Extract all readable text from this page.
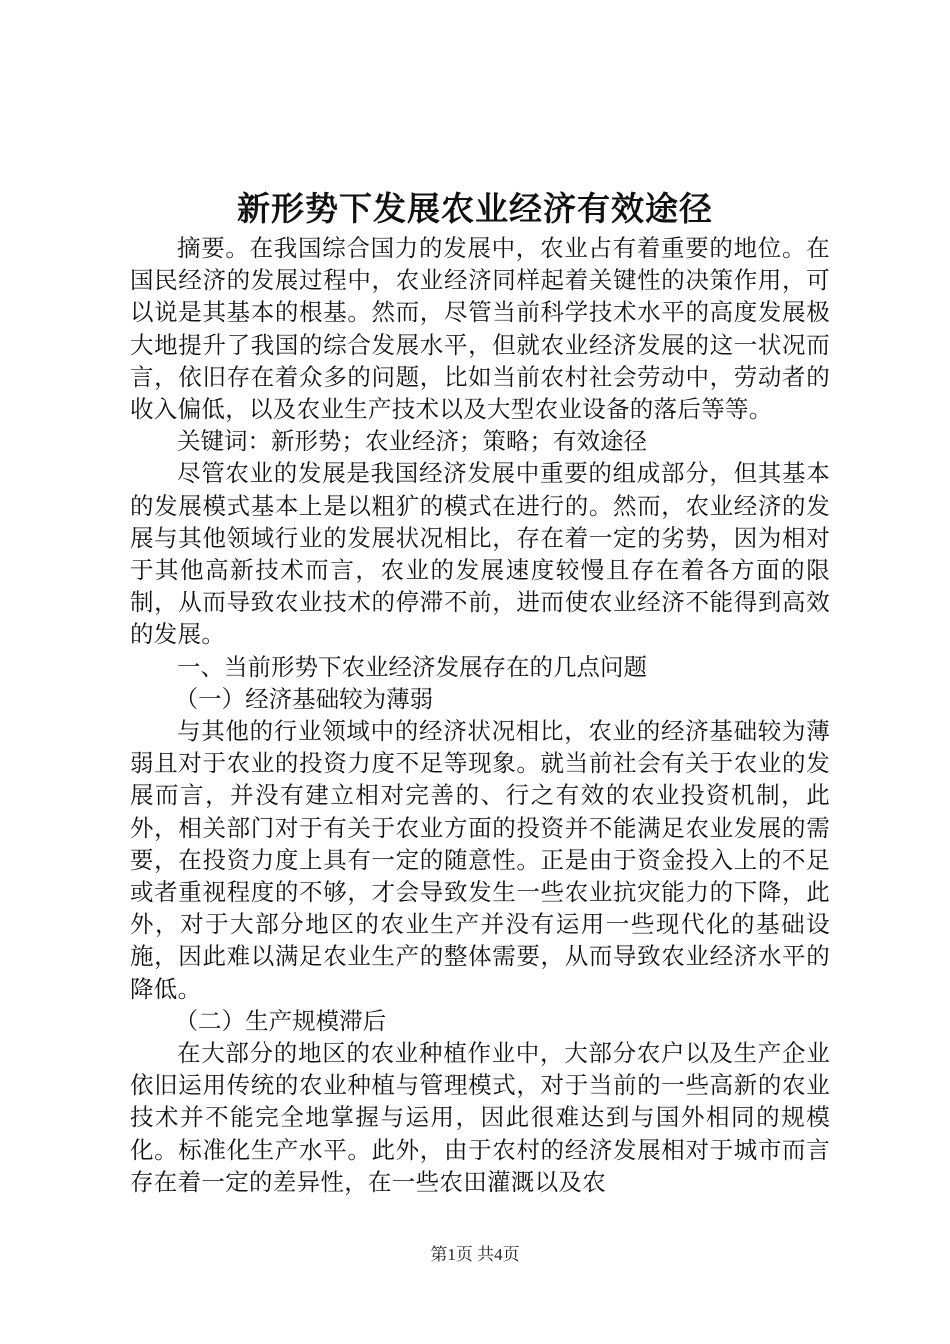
新形势下发展农业经济有效途径

摘要。在我国综合国力的发展中，农业占有着重要的地位。在国民经济的发展过程中，农业经济同样起着关键性的决策作用，可以说是其基本的根基。然而，尽管当前科学技术水平的高度发展极大地提升了我国的综合发展水平，但就农业经济发展的这一状况而言，依旧存在着众多的问题，比如当前农村社会劳动中，劳动者的收入偏低，以及农业生产技术以及大型农业设备的落后等等。

关键词：新形势；农业经济；策略；有效途径

尽管农业的发展是我国经济发展中重要的组成部分，但其基本的发展模式基本上是以粗犷的模式在进行的。然而，农业经济的发展与其他领域行业的发展状况相比，存在着一定的劣势，因为相对于其他高新技术而言，农业的发展速度较慢且存在着各方面的限制，从而导致农业技术的停滞不前，进而使农业经济不能得到高效的发展。

一、当前形势下农业经济发展存在的几点问题

（一）经济基础较为薄弱

与其他的行业领域中的经济状况相比，农业的经济基础较为薄弱且对于农业的投资力度不足等现象。就当前社会有关于农业的发展而言，并没有建立相对完善的、行之有效的农业投资机制，此外，相关部门对于有关于农业方面的投资并不能满足农业发展的需要，在投资力度上具有一定的随意性。正是由于资金投入上的不足或者重视程度的不够，才会导致发生一些农业抗灾能力的下降，此外，对于大部分地区的农业生产并没有运用一些现代化的基础设施，因此难以满足农业生产的整体需要，从而导致农业经济水平的降低。

（二）生产规模滞后

在大部分的地区的农业种植作业中，大部分农户以及生产企业依旧运用传统的农业种植与管理模式，对于当前的一些高新的农业技术并不能完全地掌握与运用，因此很难达到与国外相同的规模化。标准化生产水平。此外，由于农村的经济发展相对于城市而言存在着一定的差异性，在一些农田灌溉以及农

第1页 共4页
